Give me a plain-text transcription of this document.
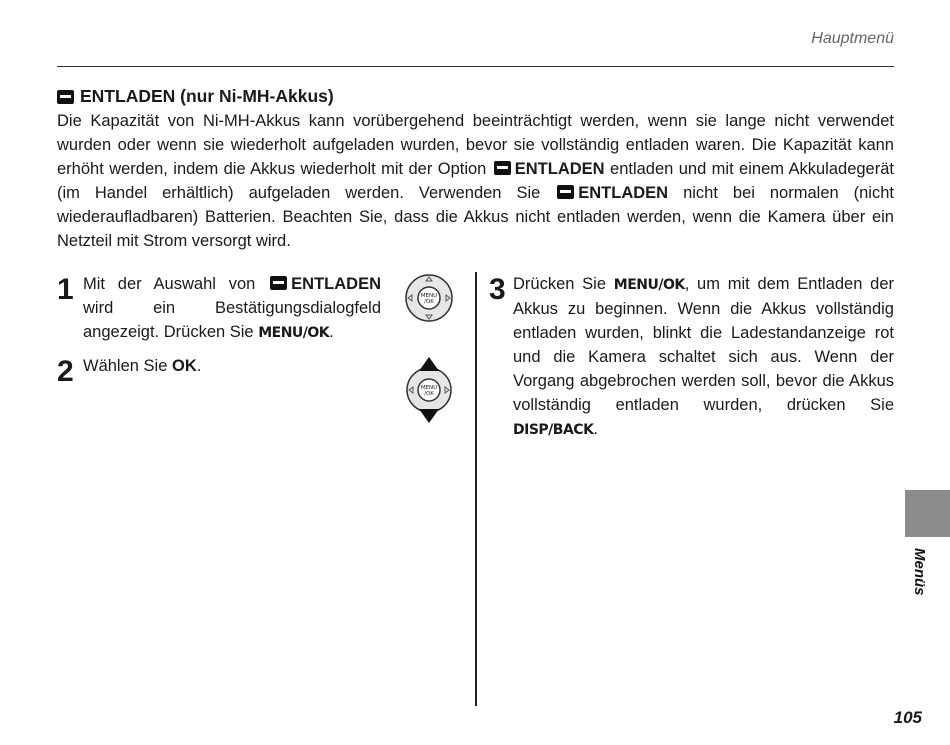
Hauptmenü
ENTLADEN (nur Ni-MH-Akkus)

Die Kapazität von Ni-MH-Akkus kann vorübergehend beeinträchtigt werden, wenn sie lange nicht verwendet wurden oder wenn sie wiederholt aufgeladen wurden, bevor sie vollständig entladen waren. Die Kapazität kann erhöht werden, indem die Akkus wiederholt mit der Option ENTLADEN entladen und mit einem Akkuladegerät (im Handel erhältlich) aufgeladen werden. Verwenden Sie ENTLADEN nicht bei normalen (nicht wiederaufladbaren) Batterien. Beachten Sie, dass die Akkus nicht entladen werden, wenn die Kamera über ein Netzteil mit Strom versorgt wird.

1 Mit der Auswahl von ENTLADEN wird ein Bestätigungsdialogfeld angezeigt. Drücken Sie MENU/OK.

MENU
/OK
2 Wählen Sie OK.

MENU
/OK
3 Drücken Sie MENU/OK, um mit dem Entladen der Akkus zu beginnen. Wenn die Akkus vollständig entladen wurden, blinkt die Ladestandanzeige rot und die Kamera schaltet sich aus. Wenn der Vorgang abgebrochen werden soll, bevor die Akkus vollständig entladen wurden, drücken Sie DISP/BACK.

Menüs
105
